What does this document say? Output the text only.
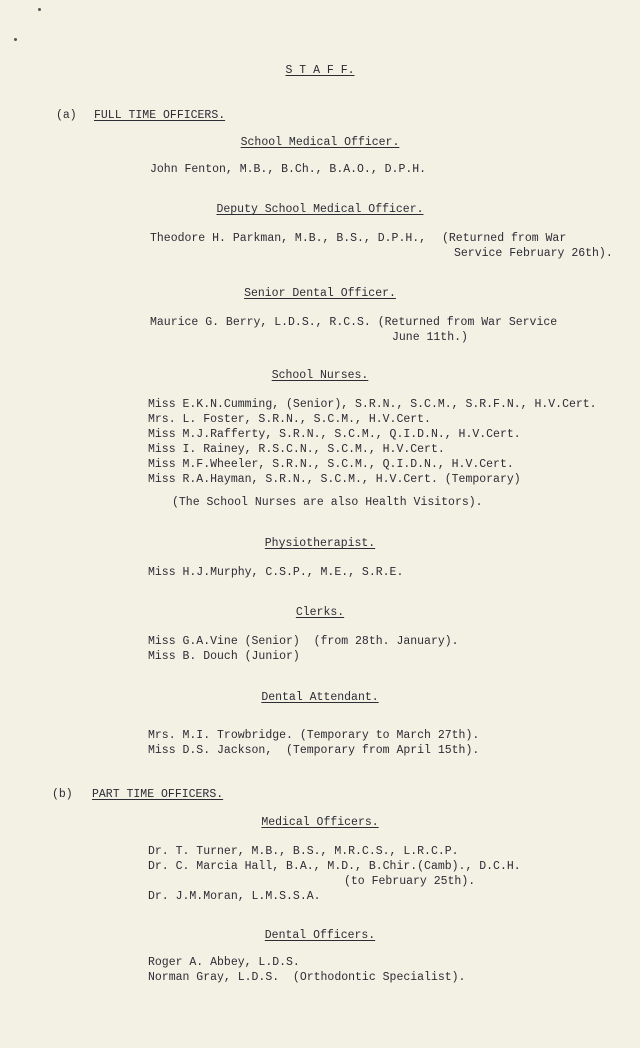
S T A F F.
(a) FULL TIME OFFICERS.
School Medical Officer.
John Fenton, M.B., B.Ch., B.A.O., D.P.H.
Deputy School Medical Officer.
Theodore H. Parkman, M.B., B.S., D.P.H., (Returned from War
Service February 26th).
Senior Dental Officer.
Maurice G. Berry, L.D.S., R.C.S. (Returned from War Service
June 11th.)
School Nurses.
Miss E.K.N.Cumming, (Senior), S.R.N., S.C.M., S.R.F.N., H.V.Cert.
Mrs. L. Foster, S.R.N., S.C.M., H.V.Cert.
Miss M.J.Rafferty, S.R.N., S.C.M., Q.I.D.N., H.V.Cert.
Miss I. Rainey, R.S.C.N., S.C.M., H.V.Cert.
Miss M.F.Wheeler, S.R.N., S.C.M., Q.I.D.N., H.V.Cert.
Miss R.A.Hayman, S.R.N., S.C.M., H.V.Cert. (Temporary)
(The School Nurses are also Health Visitors).
Physiotherapist.
Miss H.J.Murphy, C.S.P., M.E., S.R.E.
Clerks.
Miss G.A.Vine (Senior)  (from 28th. January).
Miss B. Douch (Junior)
Dental Attendant.
Mrs. M.I. Trowbridge. (Temporary to March 27th).
Miss D.S. Jackson,  (Temporary from April 15th).
(b) PART TIME OFFICERS.
Medical Officers.
Dr. T. Turner, M.B., B.S., M.R.C.S., L.R.C.P.
Dr. C. Marcia Hall, B.A., M.D., B.Chir.(Camb)., D.C.H.
(to February 25th).
Dr. J.M.Moran, L.M.S.S.A.
Dental Officers.
Roger A. Abbey, L.D.S.
Norman Gray, L.D.S.  (Orthodontic Specialist).
